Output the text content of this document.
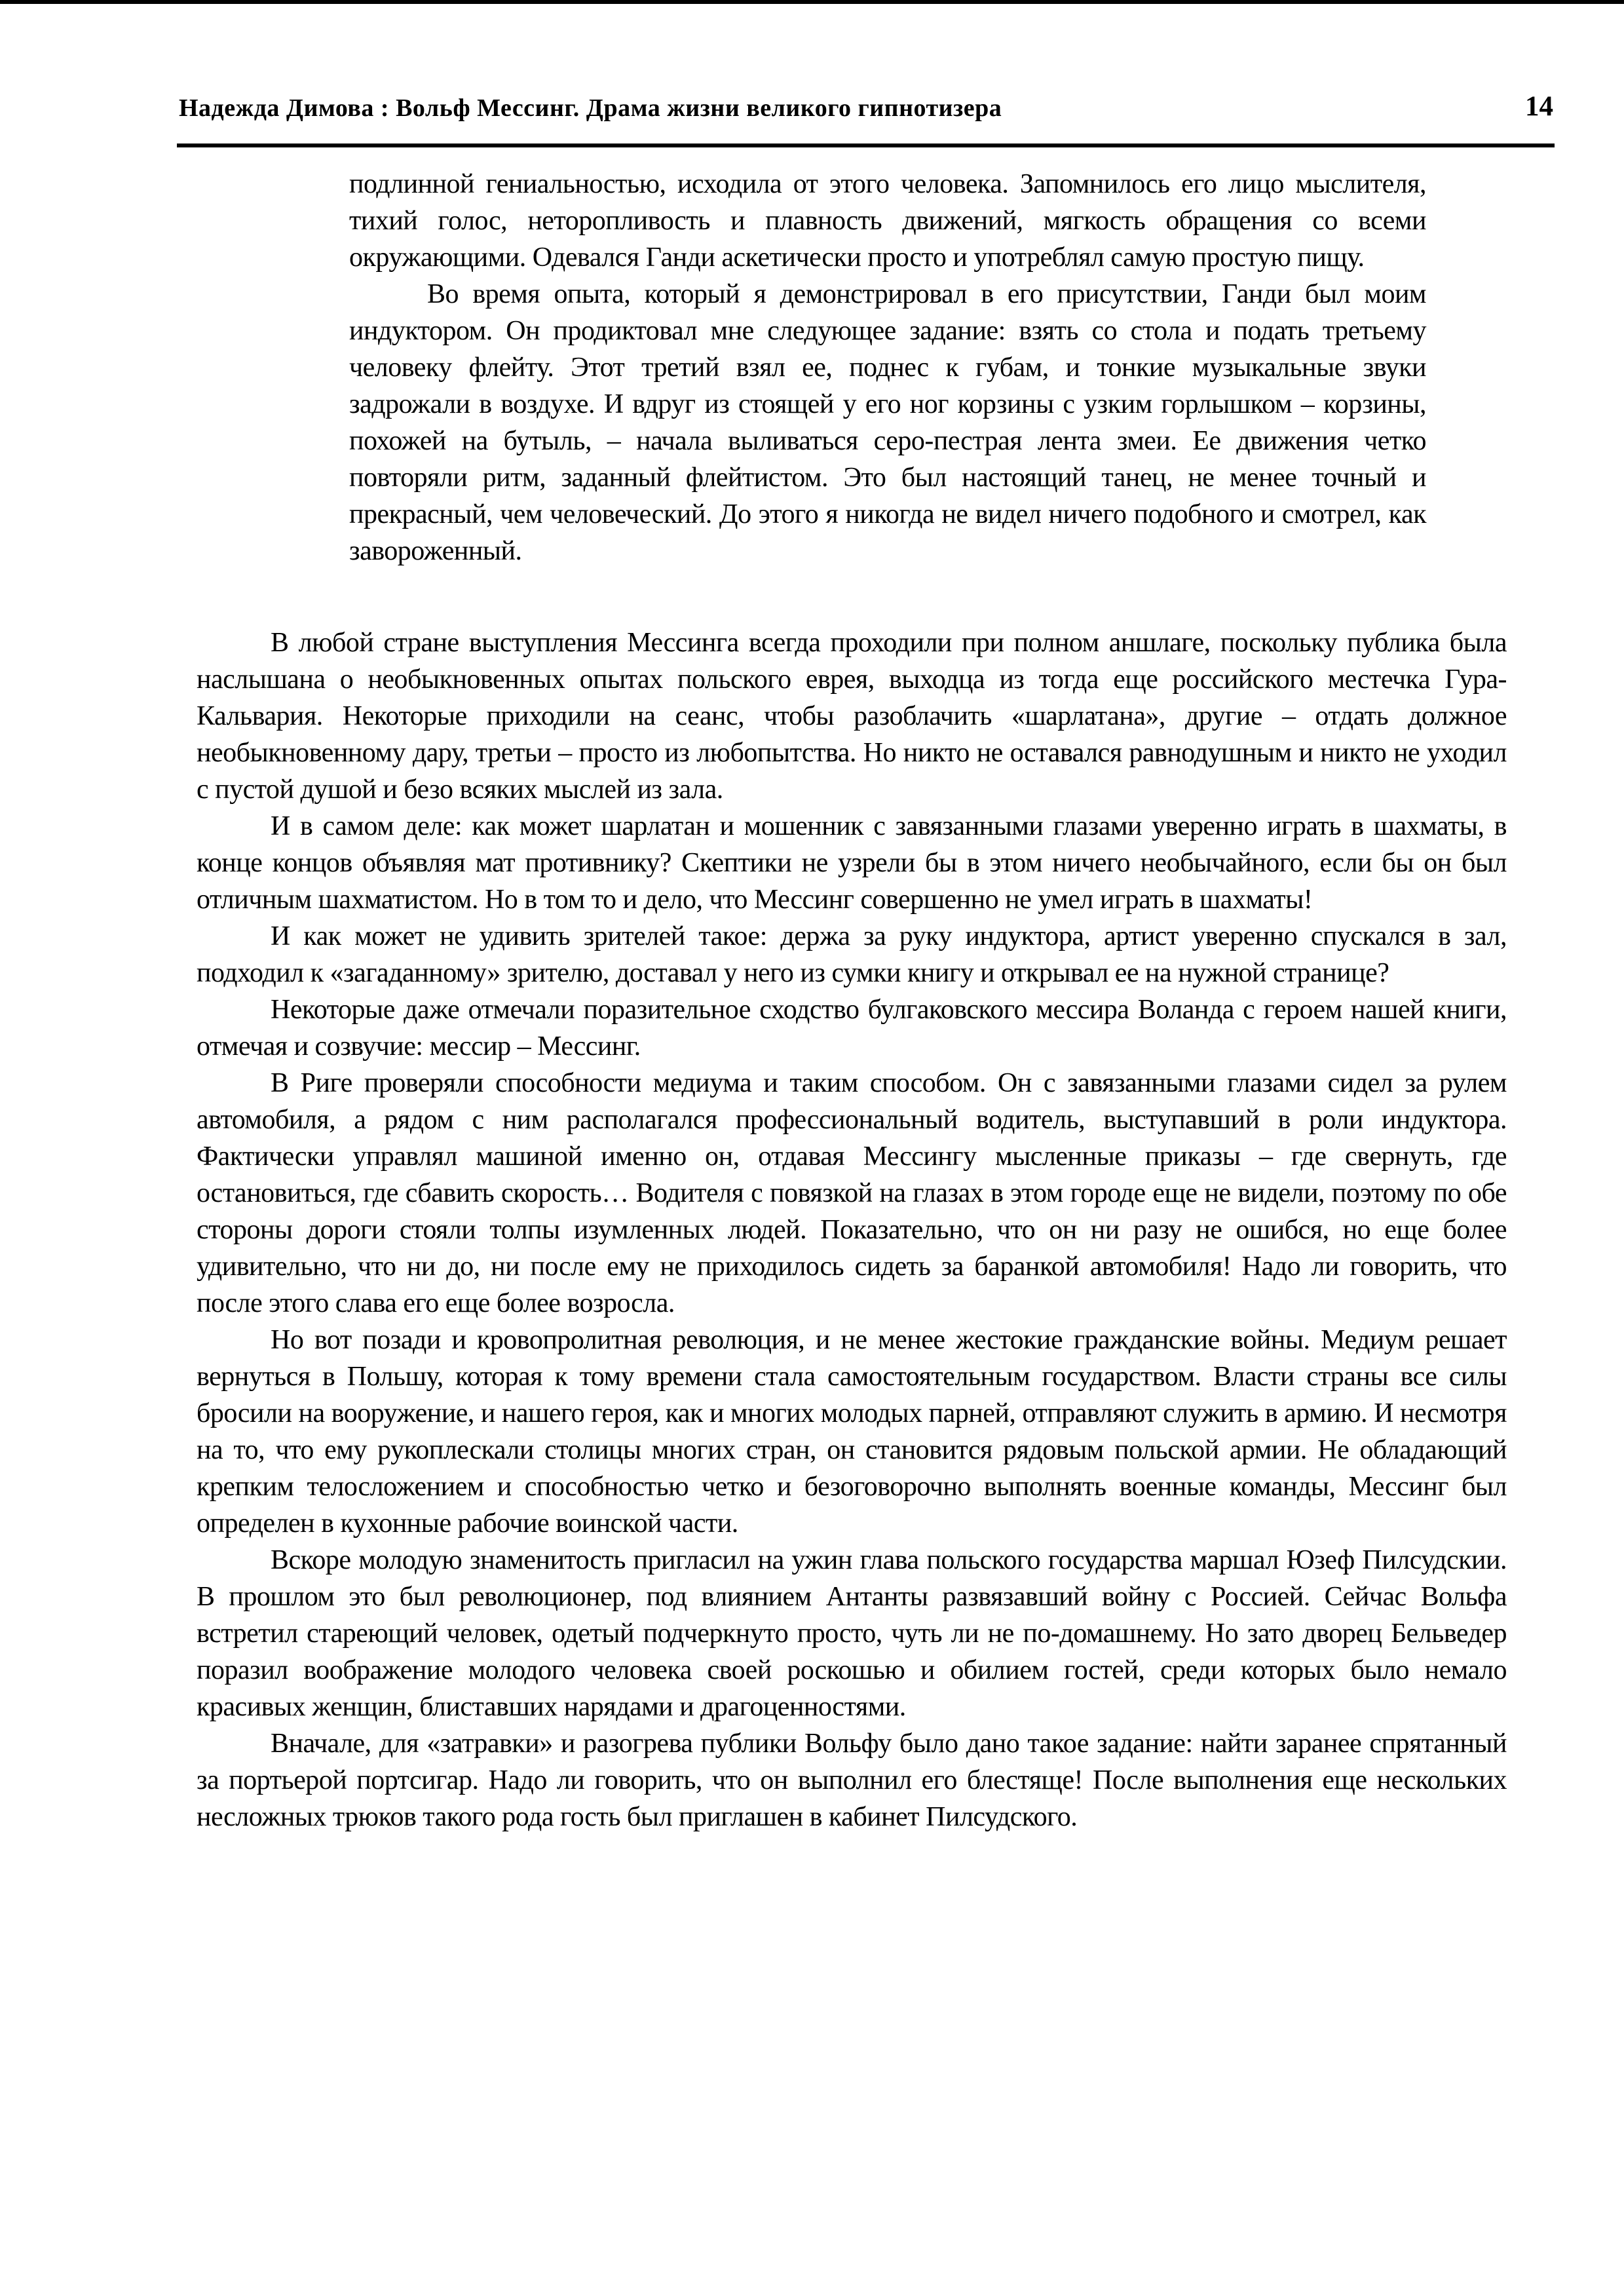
Надежда Димова : Вольф Мессинг. Драма жизни великого гипнотизера	14

подлинной гениальностью, исходила от этого человека. Запомнилось его лицо мыслителя, тихий голос, неторопливость и плавность движений, мягкость обращения со всеми окружающими. Одевался Ганди аскетически просто и употреблял самую простую пищу.

Во время опыта, который я демонстрировал в его присутствии, Ганди был моим индуктором. Он продиктовал мне следующее задание: взять со стола и подать третьему человеку флейту. Этот третий взял ее, поднес к губам, и тонкие музыкальные звуки задрожали в воздухе. И вдруг из стоящей у его ног корзины с узким горлышком – корзины, похожей на бутыль, – начала выливаться серо-пестрая лента змеи. Ее движения четко повторяли ритм, заданный флейтистом. Это был настоящий танец, не менее точный и прекрасный, чем человеческий. До этого я никогда не видел ничего подобного и смотрел, как завороженный.

В любой стране выступления Мессинга всегда проходили при полном аншлаге, поскольку публика была наслышана о необыкновенных опытах польского еврея, выходца из тогда еще российского местечка Гура-Кальвария. Некоторые приходили на сеанс, чтобы разоблачить «шарлатана», другие – отдать должное необыкновенному дару, третьи – просто из любопытства. Но никто не оставался равнодушным и никто не уходил с пустой душой и безо всяких мыслей из зала.

И в самом деле: как может шарлатан и мошенник с завязанными глазами уверенно играть в шахматы, в конце концов объявляя мат противнику? Скептики не узрели бы в этом ничего необычайного, если бы он был отличным шахматистом. Но в том то и дело, что Мессинг совершенно не умел играть в шахматы!

И как может не удивить зрителей такое: держа за руку индуктора, артист уверенно спускался в зал, подходил к «загаданному» зрителю, доставал у него из сумки книгу и открывал ее на нужной странице?

Некоторые даже отмечали поразительное сходство булгаковского мессира Воланда с героем нашей книги, отмечая и созвучие: мессир – Мессинг.

В Риге проверяли способности медиума и таким способом. Он с завязанными глазами сидел за рулем автомобиля, а рядом с ним располагался профессиональный водитель, выступавший в роли индуктора. Фактически управлял машиной именно он, отдавая Мессингу мысленные приказы – где свернуть, где остановиться, где сбавить скорость… Водителя с повязкой на глазах в этом городе еще не видели, поэтому по обе стороны дороги стояли толпы изумленных людей. Показательно, что он ни разу не ошибся, но еще более удивительно, что ни до, ни после ему не приходилось сидеть за баранкой автомобиля! Надо ли говорить, что после этого слава его еще более возросла.

Но вот позади и кровопролитная революция, и не менее жестокие гражданские войны. Медиум решает вернуться в Польшу, которая к тому времени стала самостоятельным государством. Власти страны все силы бросили на вооружение, и нашего героя, как и многих молодых парней, отправляют служить в армию. И несмотря на то, что ему рукоплескали столицы многих стран, он становится рядовым польской армии. Не обладающий крепким телосложением и способностью четко и безоговорочно выполнять военные команды, Мессинг был определен в кухонные рабочие воинской части.

Вскоре молодую знаменитость пригласил на ужин глава польского государства маршал Юзеф Пилсудскии. В прошлом это был революционер, под влиянием Антанты развязавший войну с Россией. Сейчас Вольфа встретил стареющий человек, одетый подчеркнуто просто, чуть ли не по-домашнему. Но зато дворец Бельведер поразил воображение молодого человека своей роскошью и обилием гостей, среди которых было немало красивых женщин, блиставших нарядами и драгоценностями.

Вначале, для «затравки» и разогрева публики Вольфу было дано такое задание: найти заранее спрятанный за портьерой портсигар. Надо ли говорить, что он выполнил его блестяще! После выполнения еще нескольких несложных трюков такого рода гость был приглашен в кабинет Пилсудского.
